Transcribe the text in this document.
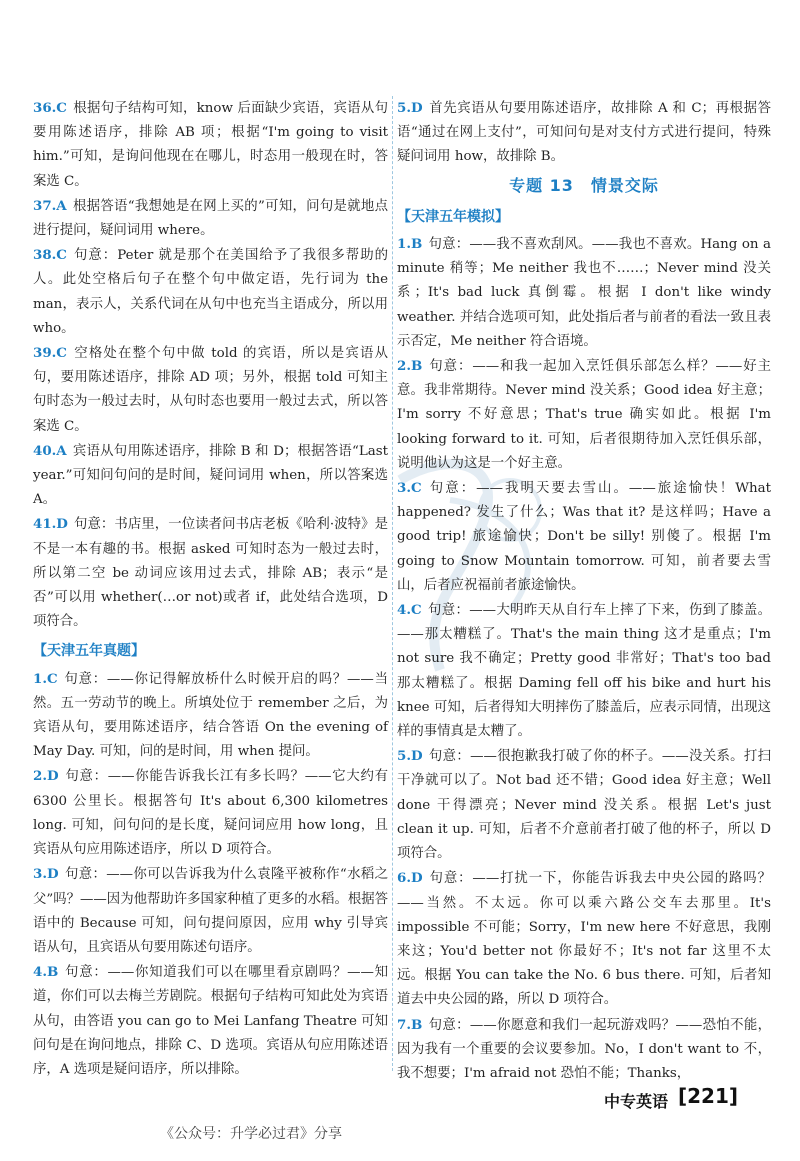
36.C 根据句子结构可知，know 后面缺少宾语，宾语从句要用陈述语序，排除 AB 项；根据“I'm going to visit him.”可知，是询问他现在在哪儿，时态用一般现在时，答案选 C。

37.A 根据答语“我想她是在网上买的”可知，问句是就地点进行提问，疑问词用 where。

38.C 句意：Peter 就是那个在美国给予了我很多帮助的人。此处空格后句子在整个句中做定语，先行词为 the man，表示人，关系代词在从句中也充当主语成分，所以用 who。

39.C 空格处在整个句中做 told 的宾语，所以是宾语从句，要用陈述语序，排除 AD 项；另外，根据 told 可知主句时态为一般过去时，从句时态也要用一般过去式，所以答案选 C。

40.A 宾语从句用陈述语序，排除 B 和 D；根据答语“Last year.”可知问句问的是时间，疑问词用 when，所以答案选 A。

41.D 句意：书店里，一位读者问书店老板《哈利·波特》是不是一本有趣的书。根据 asked 可知时态为一般过去时，所以第二空 be 动词应该用过去式，排除 AB；表示“是否”可以用 whether(…or not)或者 if，此处结合选项，D 项符合。

【天津五年真题】

1.C 句意：——你记得解放桥什么时候开启的吗？——当然。五一劳动节的晚上。所填处位于 remember 之后，为宾语从句，要用陈述语序，结合答语 On the evening of May Day. 可知，问的是时间，用 when 提问。

2.D 句意：——你能告诉我长江有多长吗？——它大约有 6300 公里长。根据答句 It's about 6,300 kilometres long. 可知，问句问的是长度，疑问词应用 how long，且宾语从句应用陈述语序，所以 D 项符合。

3.D 句意：——你可以告诉我为什么袁隆平被称作“水稻之父”吗？——因为他帮助许多国家种植了更多的水稻。根据答语中的 Because 可知，问句提问原因，应用 why 引导宾语从句，且宾语从句要用陈述句语序。

4.B 句意：——你知道我们可以在哪里看京剧吗？——知道，你们可以去梅兰芳剧院。根据句子结构可知此处为宾语从句，由答语 you can go to Mei Lanfang Theatre 可知问句是在询问地点，排除 C、D 选项。宾语从句应用陈述语序，A 选项是疑问语序，所以排除。

5.D 首先宾语从句要用陈述语序，故排除 A 和 C；再根据答语“通过在网上支付”，可知问句是对支付方式进行提问，特殊疑问词用 how，故排除 B。

专题 13　情景交际
【天津五年模拟】

1.B 句意：——我不喜欢刮风。——我也不喜欢。Hang on a minute 稍等；Me neither 我也不……；Never mind 没关系；It's bad luck 真倒霉。根据 I don't like windy weather. 并结合选项可知，此处指后者与前者的看法一致且表示否定，Me neither 符合语境。

2.B 句意：——和我一起加入烹饪俱乐部怎么样？——好主意。我非常期待。Never mind 没关系；Good idea 好主意；I'm sorry 不好意思；That's true 确实如此。根据 I'm looking forward to it. 可知，后者很期待加入烹饪俱乐部，说明他认为这是一个好主意。

3.C 句意：——我明天要去雪山。——旅途愉快！What happened? 发生了什么；Was that it? 是这样吗；Have a good trip! 旅途愉快；Don't be silly! 别傻了。根据 I'm going to Snow Mountain tomorrow. 可知，前者要去雪山，后者应祝福前者旅途愉快。

4.C 句意：——大明昨天从自行车上摔了下来，伤到了膝盖。——那太糟糕了。That's the main thing 这才是重点；I'm not sure 我不确定；Pretty good 非常好；That's too bad 那太糟糕了。根据 Daming fell off his bike and hurt his knee 可知，后者得知大明摔伤了膝盖后，应表示同情，出现这样的事情真是太糟了。

5.D 句意：——很抱歉我打破了你的杯子。——没关系。打扫干净就可以了。Not bad 还不错；Good idea 好主意；Well done 干得漂亮；Never mind 没关系。根据 Let's just clean it up. 可知，后者不介意前者打破了他的杯子，所以 D 项符合。

6.D 句意：——打扰一下，你能告诉我去中央公园的路吗？——当然。不太远。你可以乘六路公交车去那里。It's impossible 不可能；Sorry，I'm new here 不好意思，我刚来这；You'd better not 你最好不；It's not far 这里不太远。根据 You can take the No. 6 bus there. 可知，后者知道去中央公园的路，所以 D 项符合。

7.B 句意：——你愿意和我们一起玩游戏吗？——恐怕不能，因为我有一个重要的会议要参加。No，I don't want to 不，我不想要；I'm afraid not 恐怕不能；Thanks，

中专英语 [221]
《公众号：升学必过君》分享
